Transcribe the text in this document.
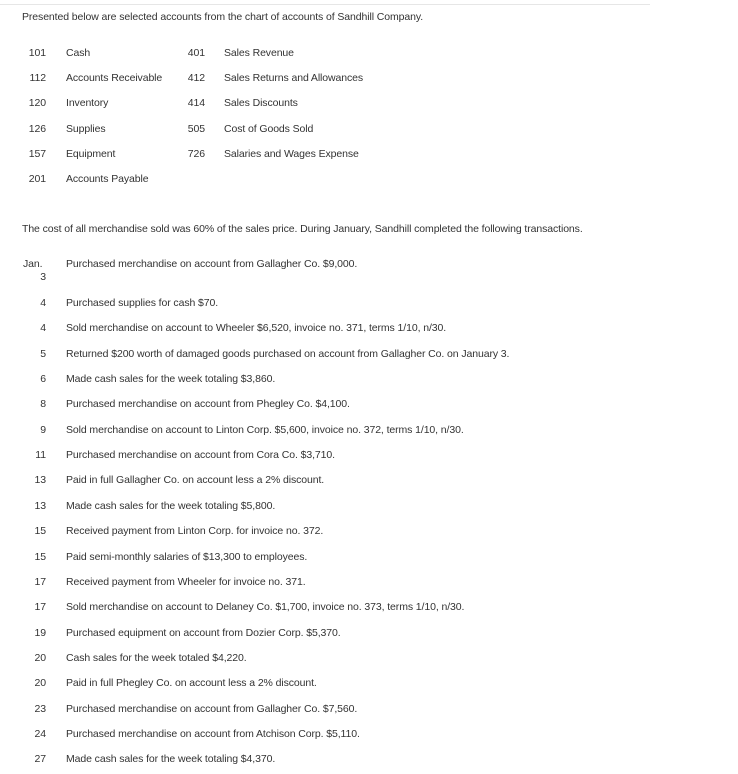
Presented below are selected accounts from the chart of accounts of Sandhill Company.
101 Cash
112 Accounts Receivable
120 Inventory
126 Supplies
157 Equipment
201 Accounts Payable
401 Sales Revenue
412 Sales Returns and Allowances
414 Sales Discounts
505 Cost of Goods Sold
726 Salaries and Wages Expense
The cost of all merchandise sold was 60% of the sales price. During January, Sandhill completed the following transactions.
Jan.
3
Purchased merchandise on account from Gallagher Co. $9,000.
4 Purchased supplies for cash $70.
4 Sold merchandise on account to Wheeler $6,520, invoice no. 371, terms 1/10, n/30.
5 Returned $200 worth of damaged goods purchased on account from Gallagher Co. on January 3.
6 Made cash sales for the week totaling $3,860.
8 Purchased merchandise on account from Phegley Co. $4,100.
9 Sold merchandise on account to Linton Corp. $5,600, invoice no. 372, terms 1/10, n/30.
11 Purchased merchandise on account from Cora Co. $3,710.
13 Paid in full Gallagher Co. on account less a 2% discount.
13 Made cash sales for the week totaling $5,800.
15 Received payment from Linton Corp. for invoice no. 372.
15 Paid semi-monthly salaries of $13,300 to employees.
17 Received payment from Wheeler for invoice no. 371.
17 Sold merchandise on account to Delaney Co. $1,700, invoice no. 373, terms 1/10, n/30.
19 Purchased equipment on account from Dozier Corp. $5,370.
20 Cash sales for the week totaled $4,220.
20 Paid in full Phegley Co. on account less a 2% discount.
23 Purchased merchandise on account from Gallagher Co. $7,560.
24 Purchased merchandise on account from Atchison Corp. $5,110.
27 Made cash sales for the week totaling $4,370.
